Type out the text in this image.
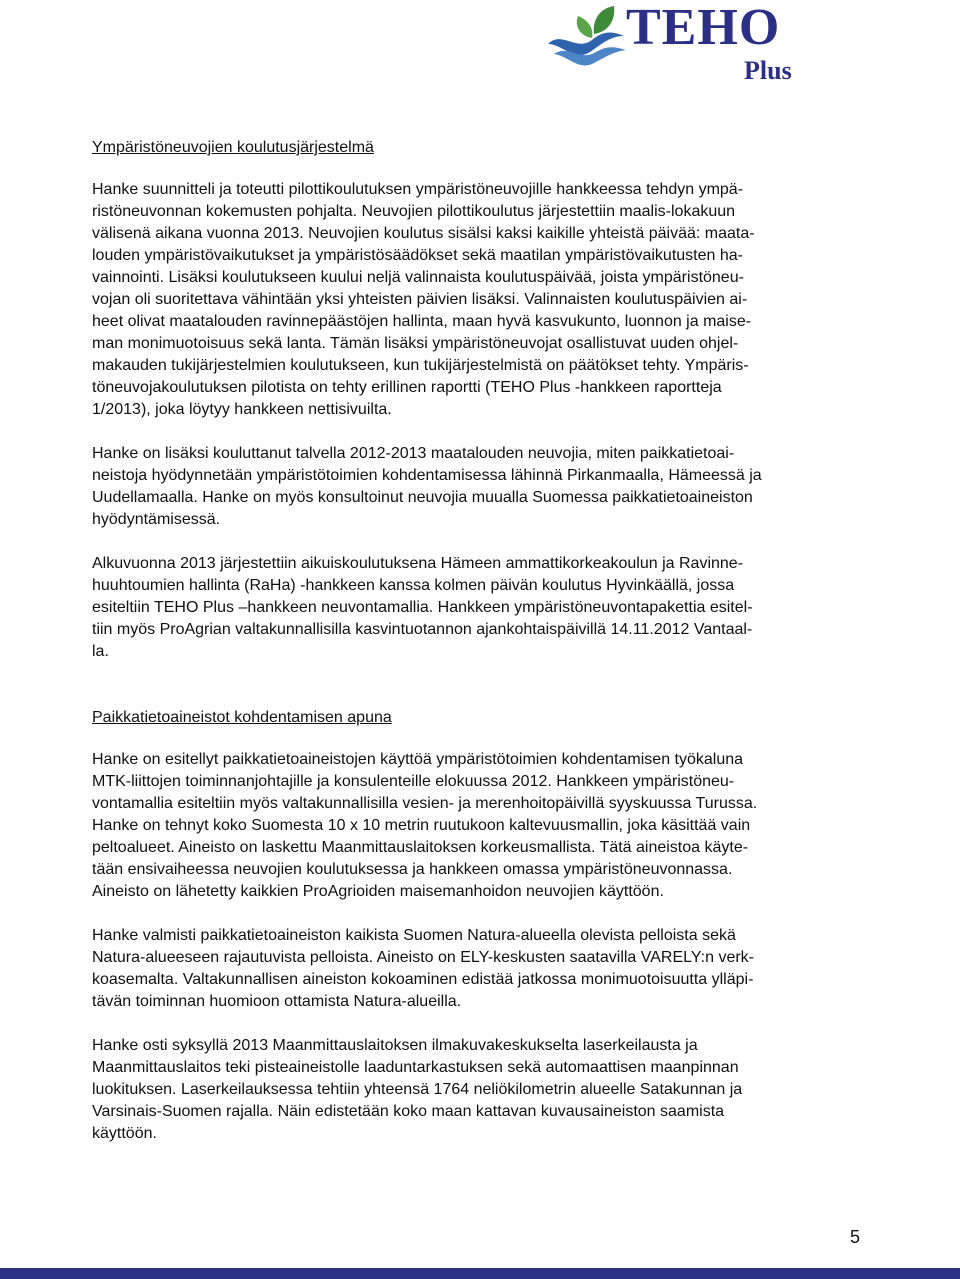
TEHO
Plus
Ympäristöneuvojien koulutusjärjestelmä

Hanke suunnitteli ja toteutti pilottikoulutuksen ympäristöneuvojille hankkeessa tehdyn ympä-
ristöneuvonnan kokemusten pohjalta. Neuvojien pilottikoulutus järjestettiin maalis-lokakuun
välisenä aikana vuonna 2013. Neuvojien koulutus sisälsi kaksi kaikille yhteistä päivää: maata-
louden ympäristövaikutukset ja ympäristösäädökset sekä maatilan ympäristövaikutusten ha-
vainnointi. Lisäksi koulutukseen kuului neljä valinnaista koulutuspäivää, joista ympäristöneu-
vojan oli suoritettava vähintään yksi yhteisten päivien lisäksi. Valinnaisten koulutuspäivien ai-
heet olivat maatalouden ravinnepäästöjen hallinta, maan hyvä kasvukunto, luonnon ja maise-
man monimuotoisuus sekä lanta. Tämän lisäksi ympäristöneuvojat osallistuvat uuden ohjel-
makauden tukijärjestelmien koulutukseen, kun tukijärjestelmistä on päätökset tehty. Ympäris-
töneuvojakoulutuksen pilotista on tehty erillinen raportti (TEHO Plus -hankkeen raportteja
1/2013), joka löytyy hankkeen nettisivuilta.

Hanke on lisäksi kouluttanut talvella 2012-2013 maatalouden neuvojia, miten paikkatietoai-
neistoja hyödynnetään ympäristötoimien kohdentamisessa lähinnä Pirkanmaalla, Hämeessä ja
Uudellamaalla. Hanke on myös konsultoinut neuvojia muualla Suomessa paikkatietoaineiston
hyödyntämisessä.

Alkuvuonna 2013 järjestettiin aikuiskoulutuksena Hämeen ammattikorkeakoulun ja Ravinne-
huuhtoumien hallinta (RaHa) -hankkeen kanssa kolmen päivän koulutus Hyvinkäällä, jossa
esiteltiin TEHO Plus –hankkeen neuvontamallia. Hankkeen ympäristöneuvontapakettia esitel-
tiin myös ProAgrian valtakunnallisilla kasvintuotannon ajankohtaispäivillä 14.11.2012 Vantaal-
la.

Paikkatietoaineistot kohdentamisen apuna

Hanke on esitellyt paikkatietoaineistojen käyttöä ympäristötoimien kohdentamisen työkaluna
MTK-liittojen toiminnanjohtajille ja konsulenteille elokuussa 2012. Hankkeen ympäristöneu-
vontamallia esiteltiin myös valtakunnallisilla vesien- ja merenhoitopäivillä syyskuussa Turussa.
Hanke on tehnyt koko Suomesta 10 x 10 metrin ruutukoon kaltevuusmallin, joka käsittää vain
peltoalueet. Aineisto on laskettu Maanmittauslaitoksen korkeusmallista. Tätä aineistoa käyte-
tään ensivaiheessa neuvojien koulutuksessa ja hankkeen omassa ympäristöneuvonnassa.
Aineisto on lähetetty kaikkien ProAgrioiden maisemanhoidon neuvojien käyttöön.

Hanke valmisti paikkatietoaineiston kaikista Suomen Natura-alueella olevista pelloista sekä
Natura-alueeseen rajautuvista pelloista. Aineisto on ELY-keskusten saatavilla VARELY:n verk-
koasemalta. Valtakunnallisen aineiston kokoaminen edistää jatkossa monimuotoisuutta ylläpi-
tävän toiminnan huomioon ottamista Natura-alueilla.

Hanke osti syksyllä 2013 Maanmittauslaitoksen ilmakuvakeskukselta laserkeilausta ja
Maanmittauslaitos teki pisteaineistolle laaduntarkastuksen sekä automaattisen maanpinnan
luokituksen. Laserkeilauksessa tehtiin yhteensä 1764 neliökilometrin alueelle Satakunnan ja
Varsinais-Suomen rajalla. Näin edistetään koko maan kattavan kuvausaineiston saamista
käyttöön.

5
